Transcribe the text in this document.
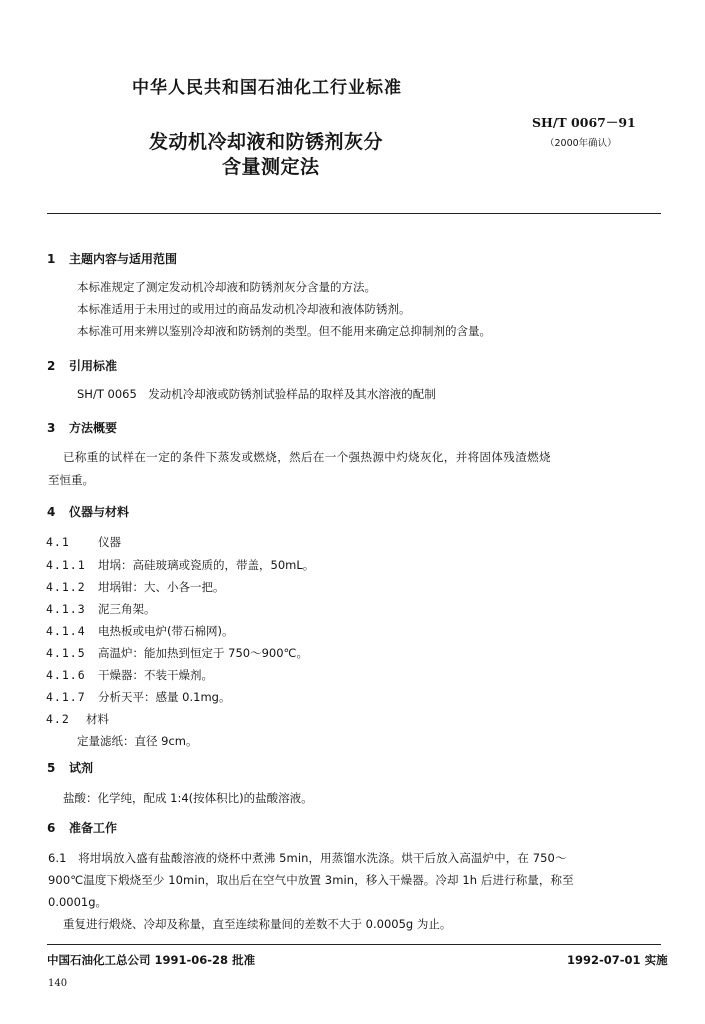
中华人民共和国石油化工行业标准
SH/T 0067－91
发动机冷却液和防锈剂灰分	（2000年确认）
含量测定法
1 主题内容与适用范围
本标准规定了测定发动机冷却液和防锈剂灰分含量的方法。
本标准适用于未用过的或用过的商品发动机冷却液和液体防锈剂。
本标准可用来辨以鉴别冷却液和防锈剂的类型。但不能用来确定总抑制剂的含量。
2 引用标准
SH/T 0065　发动机冷却液或防锈剂试验样品的取样及其水溶液的配制
3 方法概要
已称重的试样在一定的条件下蒸发或燃烧，然后在一个强热源中灼烧灰化，并将固体残渣燃烧
至恒重。
4 仪器与材料
4.1 仪器
4.1.1 坩埚：高硅玻璃或瓷质的，带盖，50mL。
4.1.2 坩埚钳：大、小各一把。
4.1.3 泥三角架。
4.1.4 电热板或电炉(带石棉网)。
4.1.5 高温炉：能加热到恒定于 750～900℃。
4.1.6 干燥器：不装干燥剂。
4.1.7 分析天平：感量 0.1mg。
4.2 材料
定量滤纸：直径 9cm。
5 试剂
盐酸：化学纯，配成 1:4(按体积比)的盐酸溶液。
6 准备工作
6.1　将坩埚放入盛有盐酸溶液的烧杯中煮沸 5min，用蒸馏水洗涤。烘干后放入高温炉中，在 750～
900℃温度下煅烧至少 10min，取出后在空气中放置 3min，移入干燥器。冷却 1h 后进行称量，称至
0.0001g。
重复进行煅烧、冷却及称量，直至连续称量间的差数不大于 0.0005g 为止。
中国石油化工总公司 1991-06-28 批准	1992-07-01 实施
140
